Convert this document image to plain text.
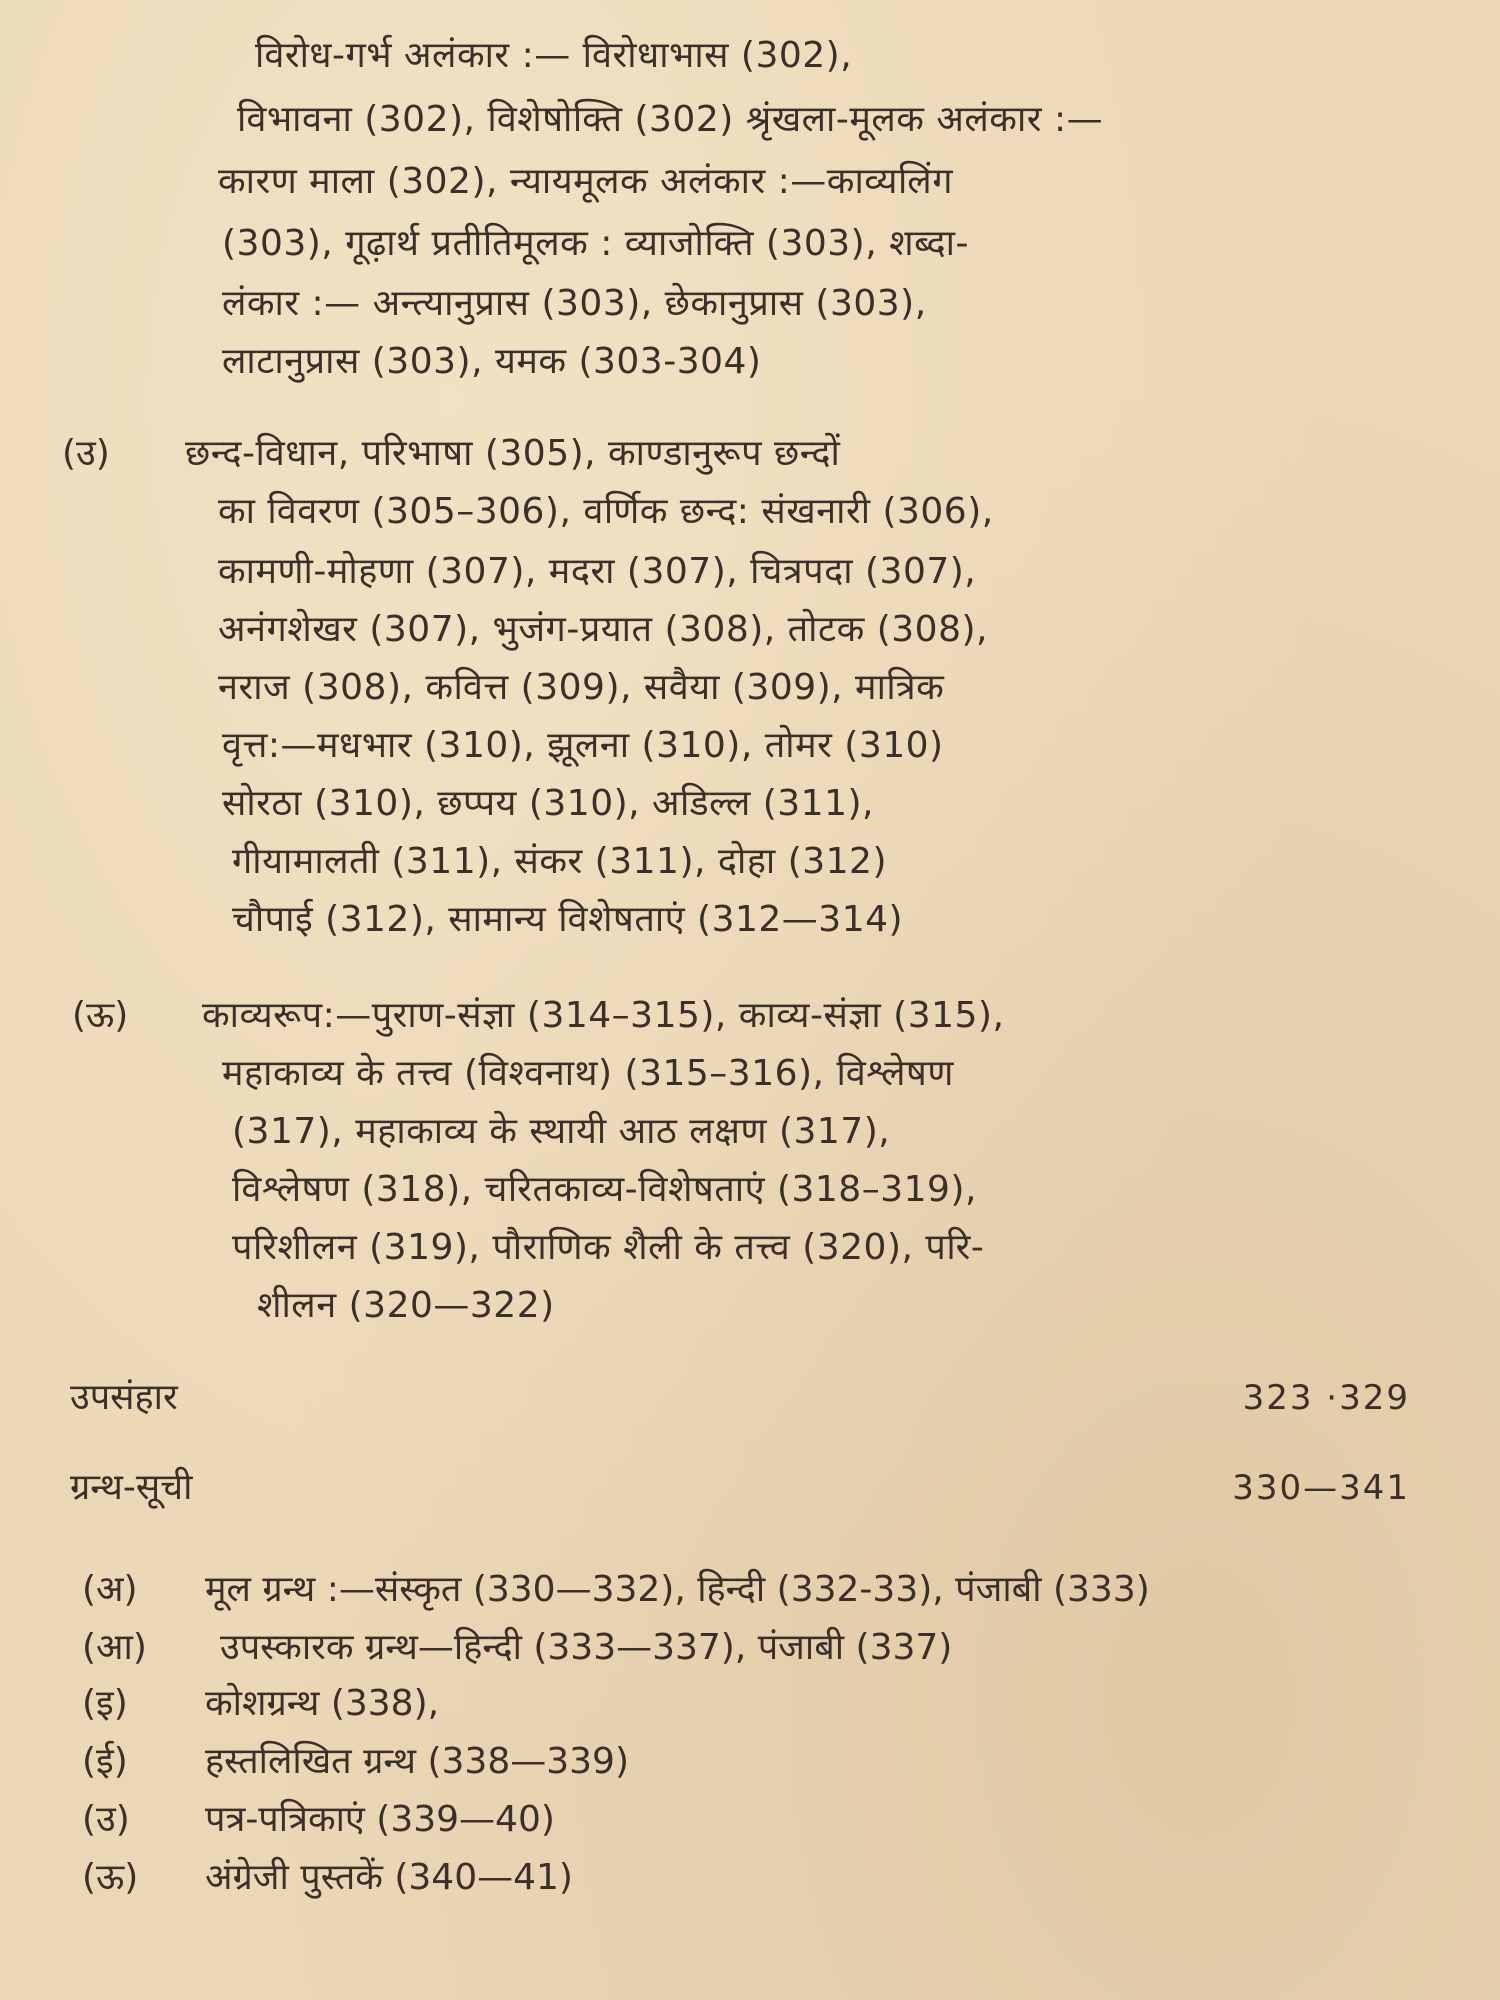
विरोध-गर्भ अलंकार :— विरोधाभास (302),
विभावना (302), विशेषोक्ति (302) श्रृंखला-मूलक अलंकार :—
कारण माला (302), न्यायमूलक अलंकार :—काव्यलिंग
(303), गूढ़ार्थ प्रतीतिमूलक : व्याजोक्ति (303), शब्दा-
लंकार :— अन्त्यानुप्रास (303), छेकानुप्रास (303),
लाटानुप्रास (303), यमक (303-304)
(उ) छन्द-विधान, परिभाषा (305), काण्डानुरूप छन्दों
का विवरण (305–306), वर्णिक छन्द: संखनारी (306),
कामणी-मोहणा (307), मदरा (307), चित्रपदा (307),
अनंगशेखर (307), भुजंग-प्रयात (308), तोटक (308),
नराज (308), कवित्त (309), सवैया (309), मात्रिक
वृत्त:—मधभार (310), झूलना (310), तोमर (310)
सोरठा (310), छप्पय (310), अडिल्ल (311),
गीयामालती (311), संकर (311), दोहा (312)
चौपाई (312), सामान्य विशेषताएं (312—314)
(ऊ) काव्यरूप:—पुराण-संज्ञा (314–315), काव्य-संज्ञा (315),
महाकाव्य के तत्त्व (विश्वनाथ) (315–316), विश्लेषण
(317), महाकाव्य के स्थायी आठ लक्षण (317),
विश्लेषण (318), चरितकाव्य-विशेषताएं (318–319),
परिशीलन (319), पौराणिक शैली के तत्त्व (320), परि-
शीलन (320—322)
उपसंहार	323 ·329
ग्रन्थ-सूची	330—341
(अ) मूल ग्रन्थ :—संस्कृत (330—332), हिन्दी (332-33), पंजाबी (333)
(आ) उपस्कारक ग्रन्थ—हिन्दी (333—337), पंजाबी (337)
(इ) कोशग्रन्थ (338),
(ई) हस्तलिखित ग्रन्थ (338—339)
(उ) पत्र-पत्रिकाएं (339—40)
(ऊ) अंग्रेजी पुस्तकें (340—41)
